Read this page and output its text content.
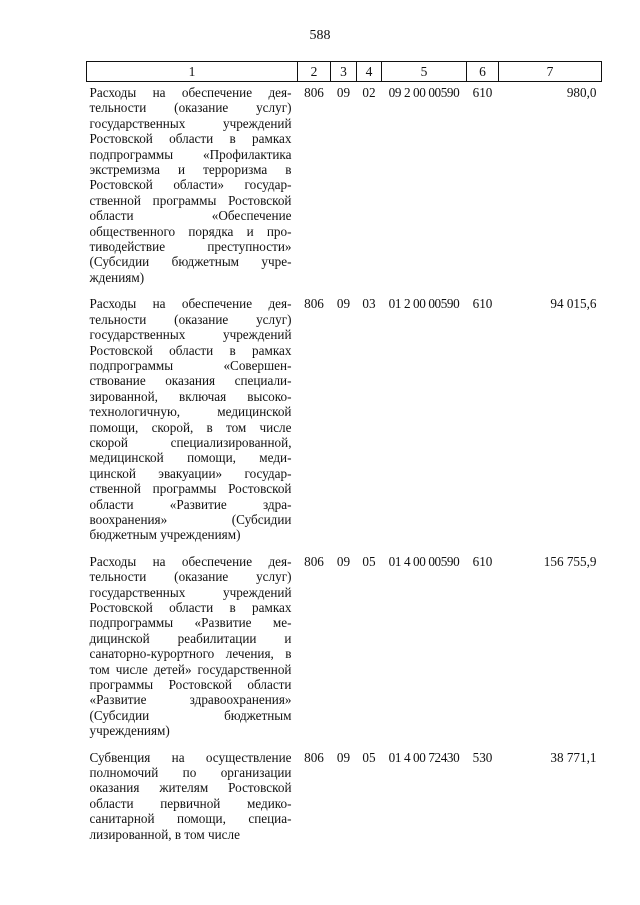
588
1	2	3	4	5	6	7
Расходы на обеспечение деятельности (оказание услуг) государственных учреждений Ростовской области в рамках подпрограммы «Профилактика экстремизма и терроризма в Ростовской области» государственной программы Ростовской области «Обеспечение общественного порядка и противодействие преступности» (Субсидии бюджетным учреждениям)	806	09	02	09 2 00 00590	610	980,0
Расходы на обеспечение деятельности (оказание услуг) государственных учреждений Ростовской области в рамках подпрограммы «Совершенствование оказания специализированной, включая высокотехнологичную, медицинской помощи, скорой, в том числе скорой специализированной, медицинской помощи, медицинской эвакуации» государственной программы Ростовской области «Развитие здравоохранения» (Субсидии бюджетным учреждениям)	806	09	03	01 2 00 00590	610	94 015,6
Расходы на обеспечение деятельности (оказание услуг) государственных учреждений Ростовской области в рамках подпрограммы «Развитие медицинской реабилитации и санаторно-курортного лечения, в том числе детей» государственной программы Ростовской области «Развитие здравоохранения» (Субсидии бюджетным учреждениям)	806	09	05	01 4 00 00590	610	156 755,9
Субвенция на осуществление полномочий по организации оказания жителям Ростовской области первичной медико-санитарной помощи, специализированной, в том числе	806	09	05	01 4 00 72430	530	38 771,1
